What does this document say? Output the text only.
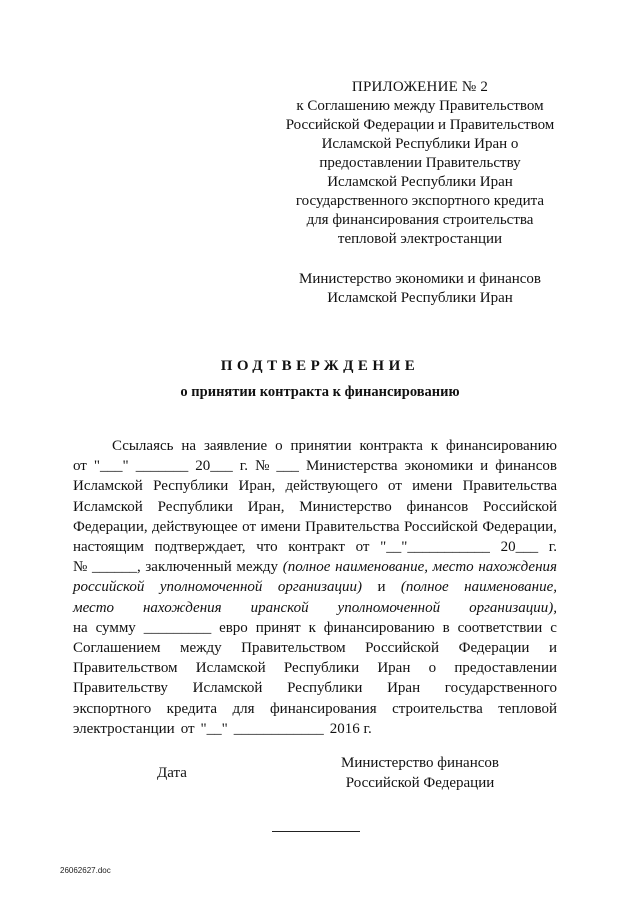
ПРИЛОЖЕНИЕ № 2
к Соглашению между Правительством
Российской Федерации и Правительством
Исламской Республики Иран о
предоставлении Правительству
Исламской Республики Иран
государственного экспортного кредита
для финансирования строительства
тепловой электростанции
Министерство экономики и финансов
Исламской Республики Иран
ПОДТВЕРЖДЕНИЕ
о принятии контракта к финансированию
Ссылаясь на заявление о принятии контракта к финансированию
от "___" _______ 20___ г. № ___ Министерства экономики и финансов
Исламской Республики Иран, действующего от имени Правительства
Исламской Республики Иран, Министерство финансов Российской
Федерации, действующее от имени Правительства Российской Федерации,
настоящим подтверждает, что контракт от "__"___________ 20___ г.
№ ______, заключенный между (полное наименование, место нахождения
российской уполномоченной организации) и (полное наименование,
место нахождения иранской уполномоченной организации),
на сумму _________ евро принят к финансированию в соответствии с
Соглашением между Правительством Российской Федерации и
Правительством Исламской Республики Иран о предоставлении
Правительству Исламской Республики Иран государственного
экспортного кредита для финансирования строительства тепловой
электростанции от "__" ____________ 2016 г.
Дата
Министерство финансов
Российской Федерации
26062627.doc
